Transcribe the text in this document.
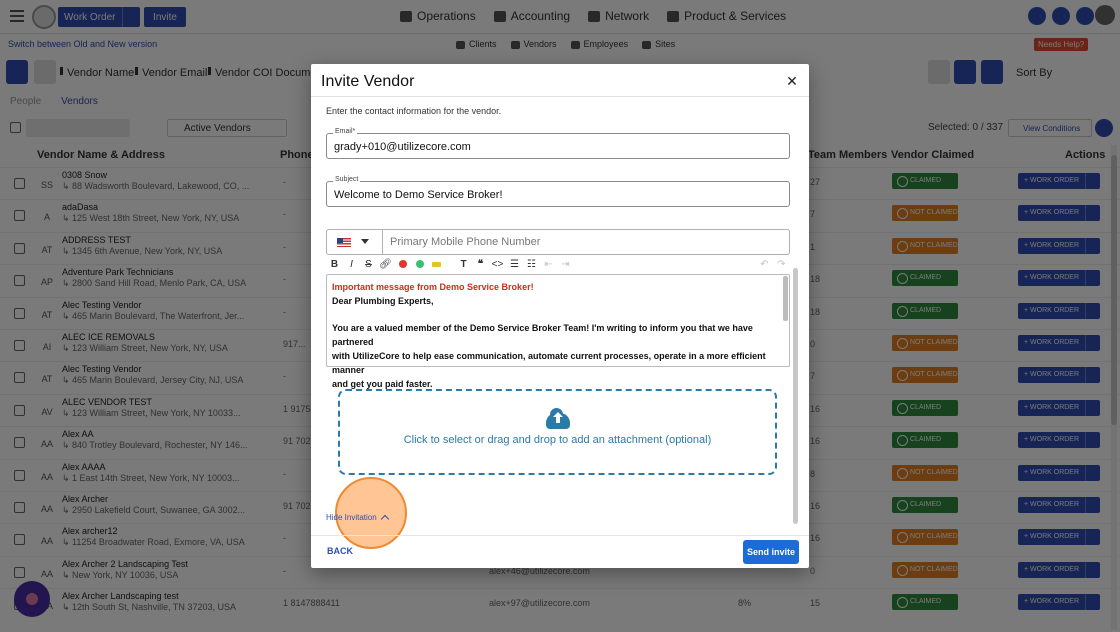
Invite Vendor	✕
Enter the contact information for the vendor.
Email*
grady+010@utilizecore.com
Subject
Welcome to Demo Service Broker!
Primary Mobile Phone Number
B	I	S 🔗︎	T	❝ <> ☰ ☷ ⇤ ⇥	↶ ↷

Important message from Demo Service Broker!

Dear Plumbing Experts,

You are a valued member of the Demo Service Broker Team! I'm writing to inform you that we have partnered

with UtilizeCore to help ease communication, automate current processes, operate in a more efficient manner

and get you paid faster.

Click to select or drag and drop to add an attachment (optional)
Hide Invitation
BACK	Send invite
